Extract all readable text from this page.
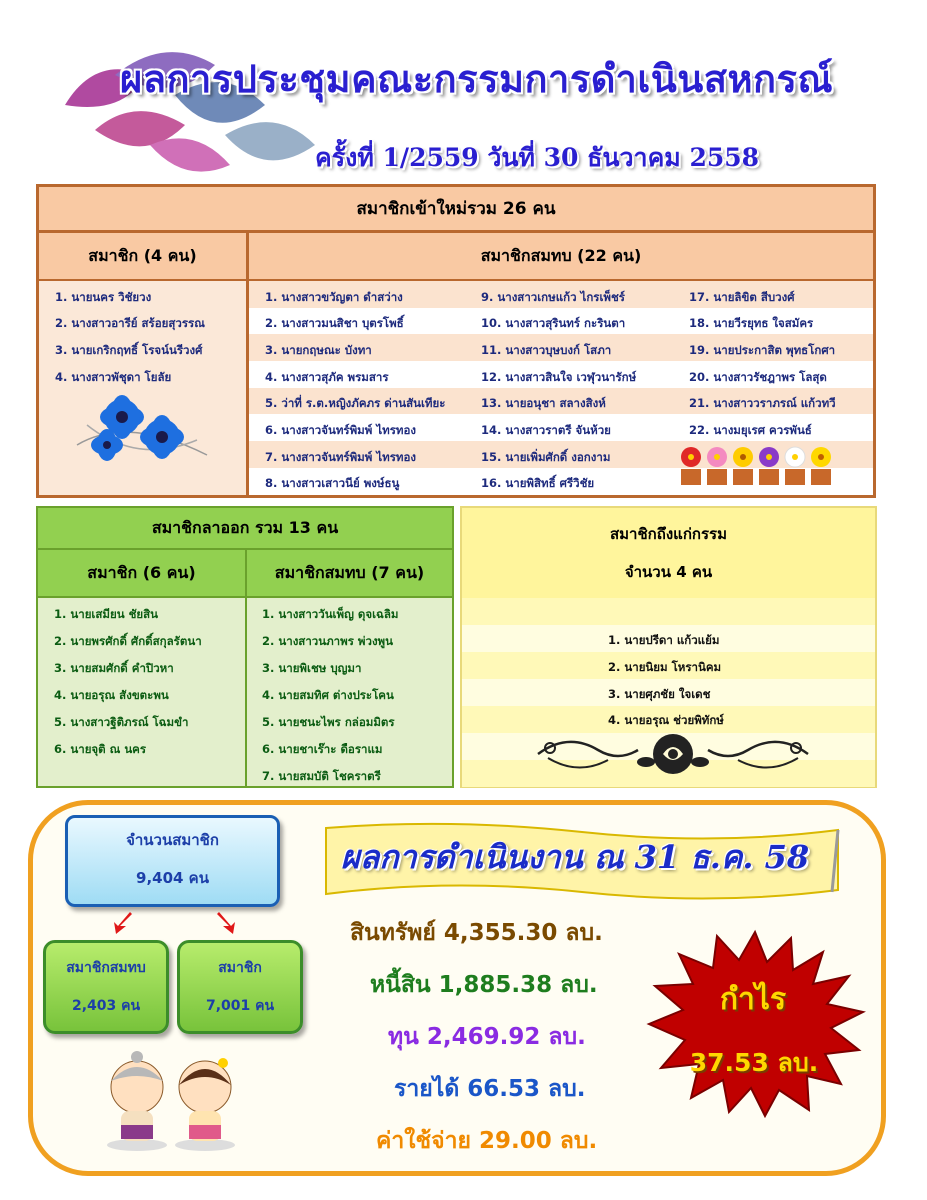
ผลการประชุมคณะกรรมการดำเนินสหกรณ์
ครั้งที่ 1/2559 วันที่ 30 ธันวาคม 2558
สมาชิกเข้าใหม่รวม 26 คน
สมาชิก (4 คน)	สมาชิกสมทบ (22 คน)
1. นายนคร วิชัยวง
2. นางสาวอารีย์ สร้อยสุวรรณ
3. นายเกริกฤทธิ์ โรจน์นรีวงศ์
4. นางสาวพัชุดา โยลัย
1. นางสาวขวัญตา ดำสว่าง
2. นางสาวมนสิชา บุตรโพธิ์
3. นายกฤษณะ บังทา
4. นางสาวสุภัค พรมสาร
5. ว่าที่ ร.ต.หญิงภัคภร ด่านสันเทียะ
6. นางสาวจันทร์พิมพ์ ไทรทอง
7. นางสาวจันทร์พิมพ์ ไทรทอง
8. นางสาวเสาวนีย์ พงษ์ธนู
9. นางสาวเกษแก้ว ไกรเพ็ชร์
10. นางสาวสุรินทร์ กะรินตา
11. นางสาวบุษบงก์ โสภา
12. นางสาวสินใจ เวฬุวนารักษ์
13. นายอนุชา สลางสิงห์
14. นางสาวราตรี จันห้วย
15. นายเพิ่มศักดิ์ งอกงาม
16. นายพิสิทธิ์ ศรีวิชัย
17. นายลิขิต สีบวงศ์
18. นายวีรยุทธ ใจสมัคร
19. นายประกาสิต พุทธโกศา
20. นางสาวรัชฎาพร โลสุด
21. นางสาววราภรณ์ แก้วทวี
22. นางมยุเรศ ควรพันธ์
สมาชิกลาออก รวม 13 คน
สมาชิก (6 คน)	สมาชิกสมทบ (7 คน)
1. นายเสมียน ชัยสิน
2. นายพรศักดิ์ ศักดิ์สกุลรัตนา
3. นายสมศักดิ์ คำปิวหา
4. นายอรุณ สังขตะพน
5. นางสาวฐิติภรณ์ โฉมขำ
6. นายจุติ ณ นคร
1. นางสาววันเพ็ญ ดุจเฉลิม
2. นางสาวนภาพร พ่วงพูน
3. นายพิเชษ บุญมา
4. นายสมทิศ ต่างประโคน
5. นายชนะไพร กล่อมมิตร
6. นายชาเร๊าะ ดือราแม
7. นายสมบัติ โชคราตรี
สมาชิกถึงแก่กรรม
จำนวน 4 คน
1. นายปรีดา แก้วแย้ม
2. นายนิยม โหรานิคม
3. นายศุภชัย ใจเดช
4. นายอรุณ ช่วยพิทักษ์
จำนวนสมาชิก
9,404 คน
สมาชิกสมทบ
2,403 คน
สมาชิก
7,001 คน
ผลการดำเนินงาน ณ 31 ธ.ค. 58
สินทรัพย์ 4,355.30 ลบ.
หนี้สิน 1,885.38 ลบ.
ทุน 2,469.92 ลบ.
รายได้ 66.53 ลบ.
ค่าใช้จ่าย 29.00 ลบ.
กำไร
37.53 ลบ.
